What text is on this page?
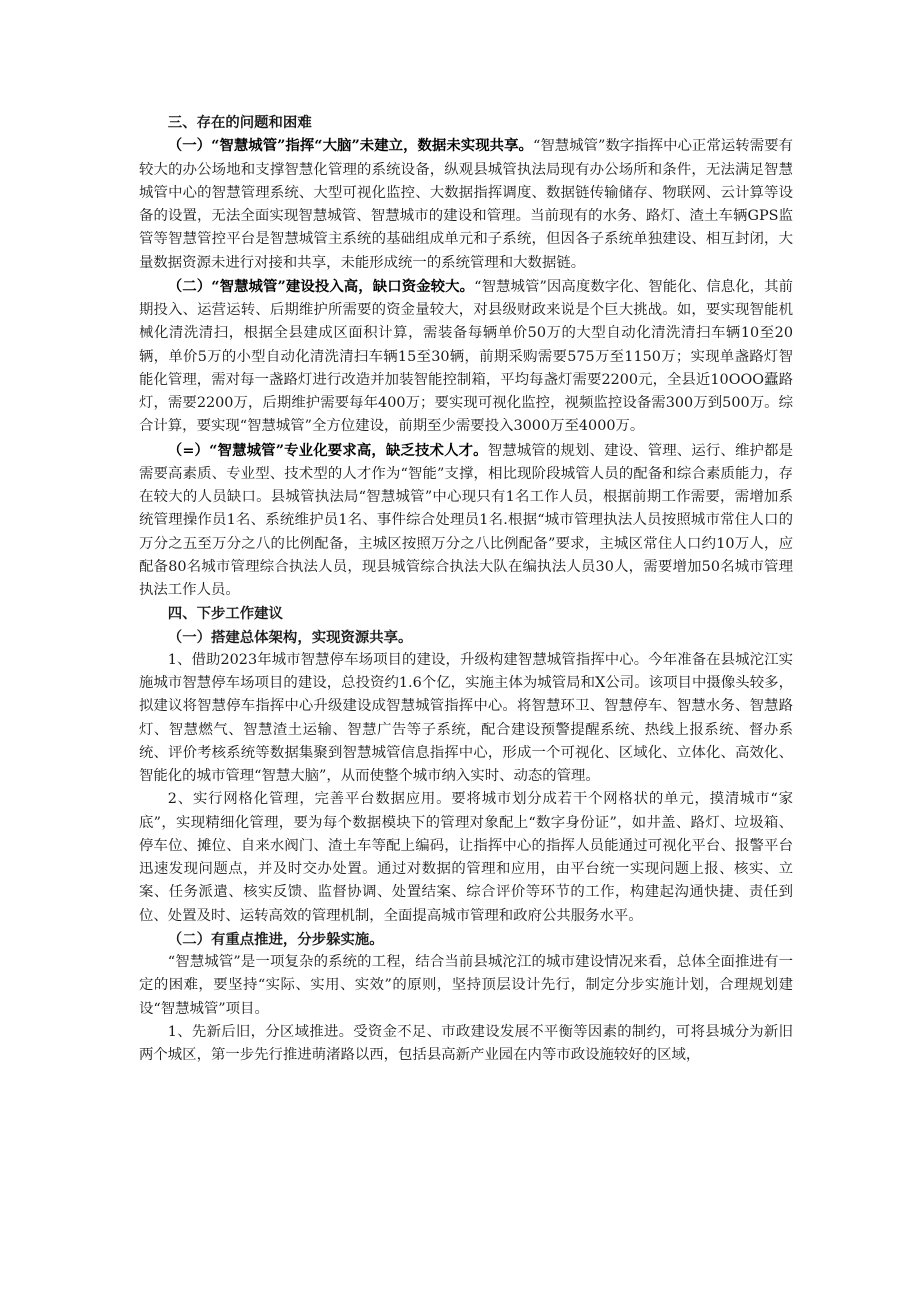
三、存在的问题和困难

（一）“智慧城管”指挥“大脑”未建立，数据未实现共享。“智慧城管”数字指挥中心正常运转需要有较大的办公场地和支撑智慧化管理的系统设备，纵观县城管执法局现有办公场所和条件，无法满足智慧城管中心的智慧管理系统、大型可视化监控、大数据指挥调度、数据链传输储存、物联网、云计算等设备的设置，无法全面实现智慧城管、智慧城市的建设和管理。当前现有的水务、路灯、渣土车辆GPS监管等智慧管控平台是智慧城管主系统的基础组成单元和子系统，但因各子系统单独建设、相互封闭，大量数据资源未进行对接和共享，未能形成统一的系统管理和大数据链。

（二）“智慧城管”建设投入高，缺口资金较大。“智慧城管”因高度数字化、智能化、信息化，其前期投入、运营运转、后期维护所需要的资金量较大，对县级财政来说是个巨大挑战。如，要实现智能机械化清洗清扫，根据全县建成区面积计算，需装备每辆单价50万的大型自动化清洗清扫车辆10至20辆，单价5万的小型自动化清洗清扫车辆15至30辆，前期采购需要575万至1150万；实现单盏路灯智能化管理，需对每一盏路灯进行改造并加装智能控制箱，平均每盏灯需要2200元，全县近10OOO蠹路灯，需要2200万，后期维护需要每年400万；要实现可视化监控，视频监控设备需300万到500万。综合计算，要实现“智慧城管”全方位建设，前期至少需要投入3000万至4000万。

（=）“智慧城管”专业化要求高，缺乏技术人才。智慧城管的规划、建设、管理、运行、维护都是需要高素质、专业型、技术型的人才作为“智能”支撑，相比现阶段城管人员的配备和综合素质能力，存在较大的人员缺口。县城管执法局“智慧城管”中心现只有1名工作人员，根据前期工作需要，需增加系统管理操作员1名、系统维护员1名、事件综合处理员1名.根据“城市管理执法人员按照城市常住人口的万分之五至万分之八的比例配备，主城区按照万分之八比例配备”要求，主城区常住人口约10万人，应配备80名城市管理综合执法人员，现县城管综合执法大队在编执法人员30人，需要增加50名城市管理执法工作人员。

四、下步工作建议

（一）搭建总体架构，实现资源共享。

1、借助2023年城市智慧停车场项目的建设，升级构建智慧城管指挥中心。今年准备在县城沱江实施城市智慧停车场项目的建设，总投资约1.6个亿，实施主体为城管局和X公司。该项目中摄像头较多，拟建议将智慧停车指挥中心升级建设成智慧城管指挥中心。将智慧环卫、智慧停车、智慧水务、智慧路灯、智慧燃气、智慧渣土运输、智慧广告等子系统，配合建设预警提醒系统、热线上报系统、督办系统、评价考核系统等数据集聚到智慧城管信息指挥中心，形成一个可视化、区域化、立体化、高效化、智能化的城市管理“智慧大脑”，从而使整个城市纳入实时、动态的管理。

2、实行网格化管理，完善平台数据应用。要将城市划分成若干个网格状的单元，摸清城市“家底”，实现精细化管理，要为每个数据模块下的管理对象配上“数字身份证”，如井盖、路灯、垃圾箱、停车位、摊位、自来水阀门、渣土车等配上编码，让指挥中心的指挥人员能通过可视化平台、报警平台迅速发现问题点，并及时交办处置。通过对数据的管理和应用，由平台统一实现问题上报、核实、立案、任务派遣、核实反馈、监督协调、处置结案、综合评价等环节的工作，构建起沟通快捷、责任到位、处置及时、运转高效的管理机制，全面提高城市管理和政府公共服务水平。

（二）有重点推进，分步躲实施。

“智慧城管”是一项复杂的系统的工程，结合当前县城沱江的城市建设情况来看，总体全面推进有一定的困难，要坚持“实际、实用、实效”的原则，坚持顶层设计先行，制定分步实施计划，合理规划建设“智慧城管”项目。

1、先新后旧，分区域推进。受资金不足、市政建设发展不平衡等因素的制约，可将县城分为新旧两个城区，第一步先行推进萌渚路以西，包括县高新产业园在内等市政设施较好的区域，
